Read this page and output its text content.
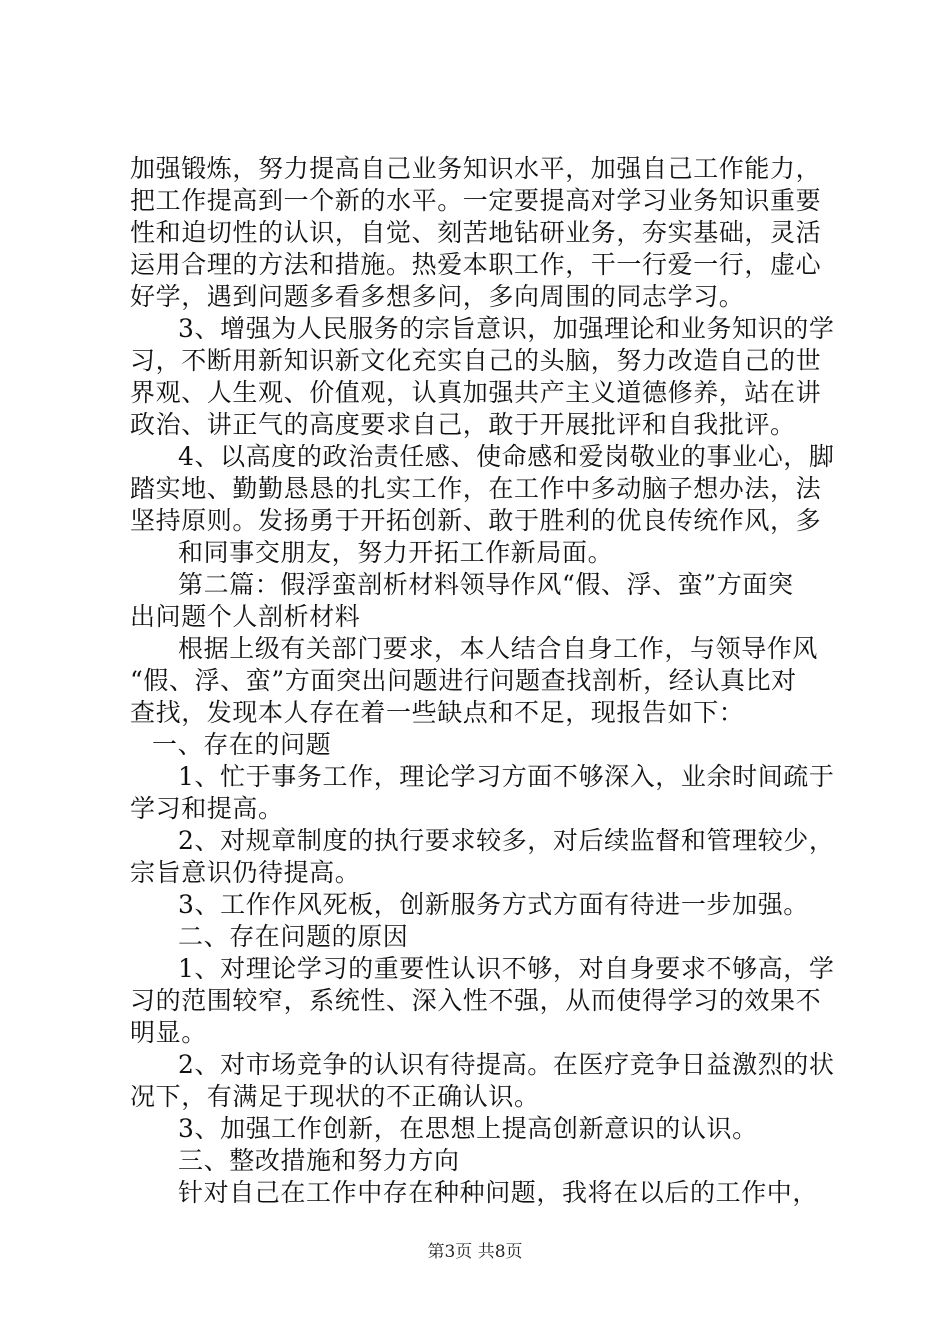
加强锻炼，努力提高自己业务知识水平，加强自己工作能力，
把工作提高到一个新的水平。一定要提高对学习业务知识重要
性和迫切性的认识，自觉、刻苦地钻研业务，夯实基础，灵活
运用合理的方法和措施。热爱本职工作，干一行爱一行，虚心
好学，遇到问题多看多想多问，多向周围的同志学习。
3、增强为人民服务的宗旨意识，加强理论和业务知识的学
习，不断用新知识新文化充实自己的头脑，努力改造自己的世
界观、人生观、价值观，认真加强共产主义道德修养，站在讲
政治、讲正气的高度要求自己，敢于开展批评和自我批评。
4、以高度的政治责任感、使命感和爱岗敬业的事业心，脚
踏实地、勤勤恳恳的扎实工作，在工作中多动脑子想办法，法
坚持原则。发扬勇于开拓创新、敢于胜利的优良传统作风，多
和同事交朋友，努力开拓工作新局面。
第二篇：假浮蛮剖析材料领导作风“假、浮、蛮”方面突
出问题个人剖析材料
根据上级有关部门要求，本人结合自身工作，与领导作风
“假、浮、蛮”方面突出问题进行问题查找剖析，经认真比对
查找，发现本人存在着一些缺点和不足，现报告如下：
一、存在的问题
1、忙于事务工作，理论学习方面不够深入，业余时间疏于
学习和提高。
2、对规章制度的执行要求较多，对后续监督和管理较少，
宗旨意识仍待提高。
3、工作作风死板，创新服务方式方面有待进一步加强。
二、存在问题的原因
1、对理论学习的重要性认识不够，对自身要求不够高，学
习的范围较窄，系统性、深入性不强，从而使得学习的效果不
明显。
2、对市场竞争的认识有待提高。在医疗竞争日益激烈的状
况下，有满足于现状的不正确认识。
3、加强工作创新，在思想上提高创新意识的认识。
三、整改措施和努力方向
针对自己在工作中存在种种问题，我将在以后的工作中，
第3页 共8页
